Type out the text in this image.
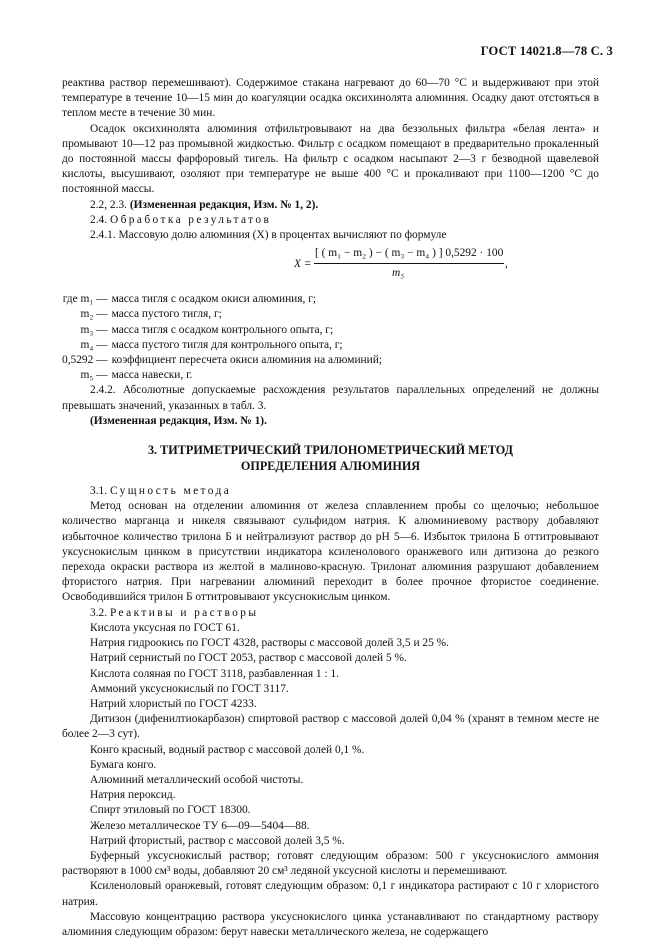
ГОСТ 14021.8—78 С. 3

реактива раствор перемешивают). Содержимое стакана нагревают до 60—70 °С и выдерживают при этой температуре в течение 10—15 мин до коагуляции осадка оксихинолята алюминия. Осадку дают отстояться в теплом месте в течение 30 мин.

Осадок оксихинолята алюминия отфильтровывают на два беззольных фильтра «белая лента» и промывают 10—12 раз промывной жидкостью. Фильтр с осадком помещают в предварительно прокаленный до постоянной массы фарфоровый тигель. На фильтр с осадком насыпают 2—3 г безводной щавелевой кислоты, высушивают, озоляют при температуре не выше 400 °С и прокаливают при 1100—1200 °С до постоянной массы.

2.2, 2.3. (Измененная редакция, Изм. № 1, 2).

2.4. Обработка результатов

2.4.1. Массовую долю алюминия (X) в процентах вычисляют по формуле

X =
[ ( m₁ − m₂ ) − ( m₃ − m₄ ) ] 0,5292 · 100
m₅
,
где m₁ —	масса тигля с осадком окиси алюминия, г;
m₂ —	масса пустого тигля, г;
m₃ —	масса тигля с осадком контрольного опыта, г;
m₄ —	масса пустого тигля для контрольного опыта, г;
0,5292 —	коэффициент пересчета окиси алюминия на алюминий;
m₅ —	масса навески, г.

2.4.2. Абсолютные допускаемые расхождения результатов параллельных определений не должны превышать значений, указанных в табл. 3.

(Измененная редакция, Изм. № 1).

3. ТИТРИМЕТРИЧЕСКИЙ ТРИЛОНОМЕТРИЧЕСКИЙ МЕТОД
ОПРЕДЕЛЕНИЯ АЛЮМИНИЯ

3.1. Сущность метода

Метод основан на отделении алюминия от железа сплавлением пробы со щелочью; небольшое количество марганца и никеля связывают сульфидом натрия. К алюминиевому раствору добавляют избыточное количество трилона Б и нейтрализуют раствор до рН 5—6. Избыток трилона Б оттитровывают уксуснокислым цинком в присутствии индикатора ксиленолового оранжевого или дитизона до резкого перехода окраски раствора из желтой в малиново-красную. Трилонат алюминия разрушают добавлением фтористого натрия. При нагревании алюминий переходит в более прочное фтористое соединение. Освободившийся трилон Б оттитровывают уксуснокислым цинком.

3.2. Реактивы и растворы

Кислота уксусная по ГОСТ 61.

Натрия гидроокись по ГОСТ 4328, растворы с массовой долей 3,5 и 25 %.

Натрий сернистый по ГОСТ 2053, раствор с массовой долей 5 %.

Кислота соляная по ГОСТ 3118, разбавленная 1 : 1.

Аммоний уксуснокислый по ГОСТ 3117.

Натрий хлористый по ГОСТ 4233.

Дитизон (дифенилтиокарбазон) спиртовой раствор с массовой долей 0,04 % (хранят в темном месте не более 2—3 сут).

Конго красный, водный раствор с массовой долей 0,1 %.

Бумага конго.

Алюминий металлический особой чистоты.

Натрия пероксид.

Спирт этиловый по ГОСТ 18300.

Железо металлическое ТУ 6—09—5404—88.

Натрий фтористый, раствор с массовой долей 3,5 %.

Буферный уксуснокислый раствор; готовят следующим образом: 500 г уксуснокислого аммония растворяют в 1000 см³ воды, добавляют 20 см³ ледяной уксусной кислоты и перемешивают.

Ксиленоловый оранжевый, готовят следующим образом: 0,1 г индикатора растирают с 10 г хлористого натрия.

Массовую концентрацию раствора уксуснокислого цинка устанавливают по стандартному раствору алюминия следующим образом: берут навески металлического железа, не содержащего
